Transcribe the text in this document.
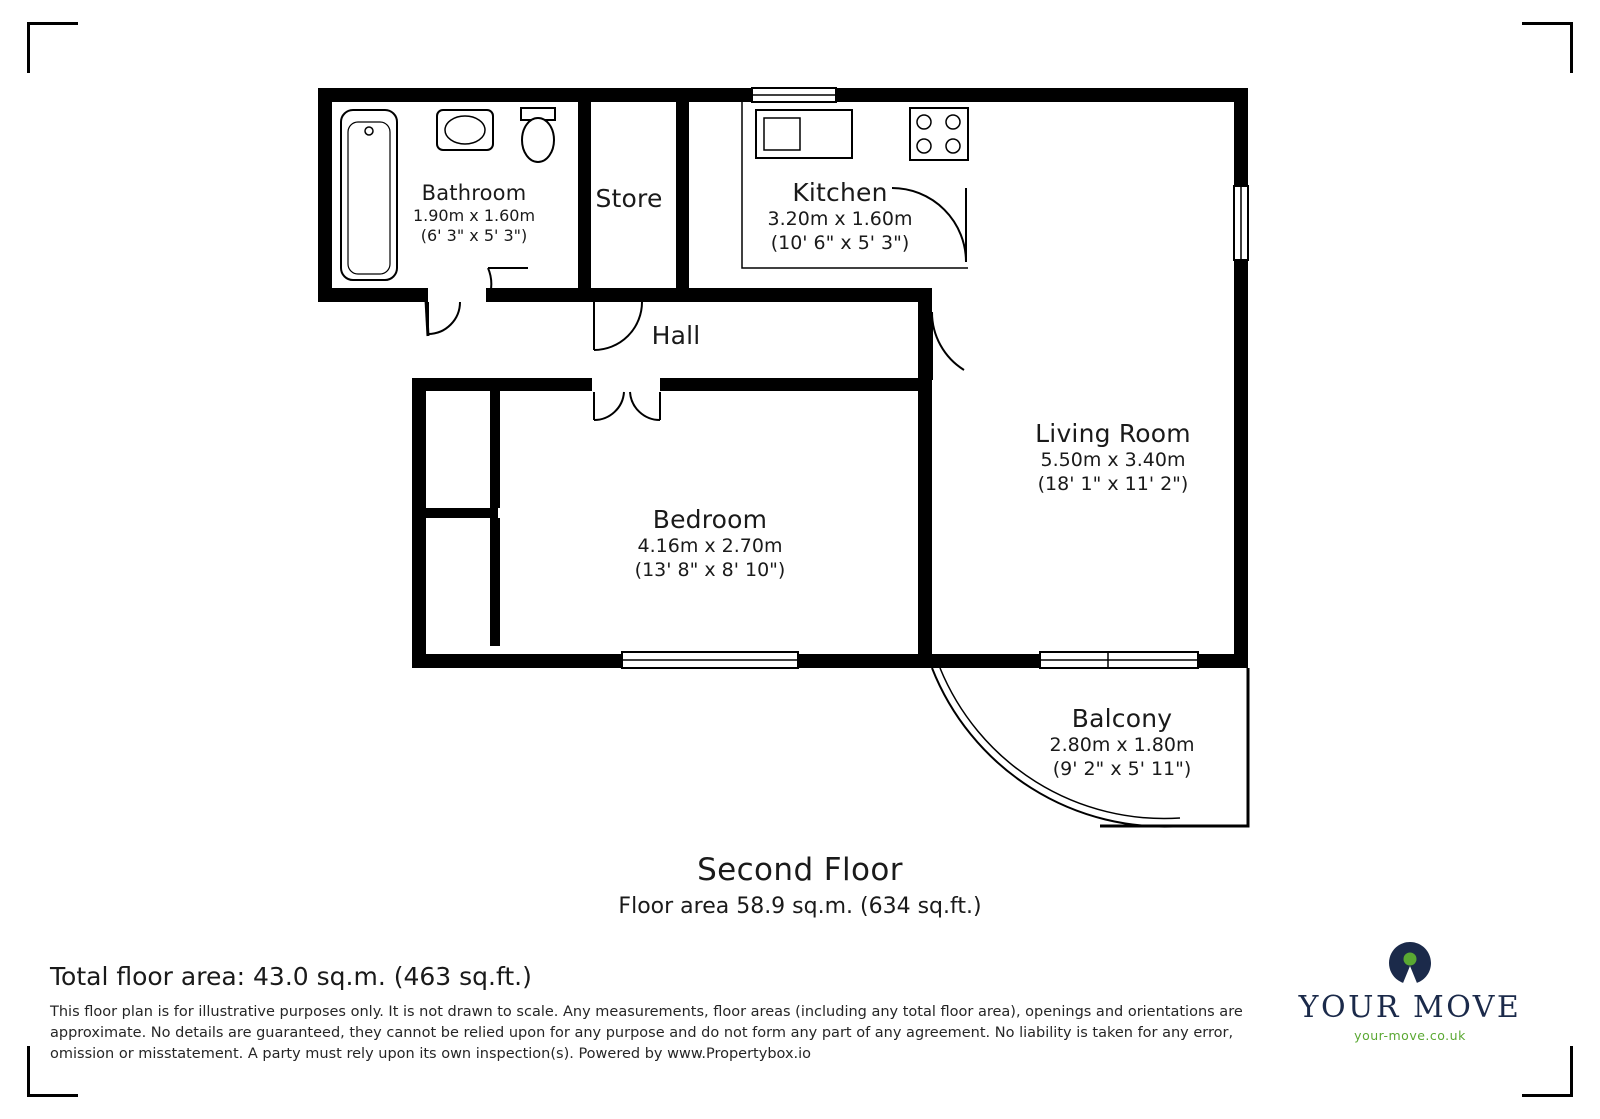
Bathroom
1.90m x 1.60m
(6' 3" x 5' 3")
Store	Kitchen
3.20m x 1.60m
(10' 6" x 5' 3")
Hall
Living Room
5.50m x 3.40m
(18' 1" x 11' 2")
Bedroom
4.16m x 2.70m
(13' 8" x 8' 10")
Balcony
2.80m x 1.80m
(9' 2" x 5' 11")
Second Floor
Floor area 58.9 sq.m. (634 sq.ft.)
Total floor area: 43.0 sq.m. (463 sq.ft.)
This floor plan is for illustrative purposes only. It is not drawn to scale. Any measurements, floor areas (including any total floor area), openings and orientations are approximate. No details are guaranteed, they cannot be relied upon for any purpose and do not form any part of any agreement. No liability is taken for any error, omission or misstatement. A party must rely upon its own inspection(s). Powered by www.Propertybox.io
YOUR MOVE
your-move.co.uk
